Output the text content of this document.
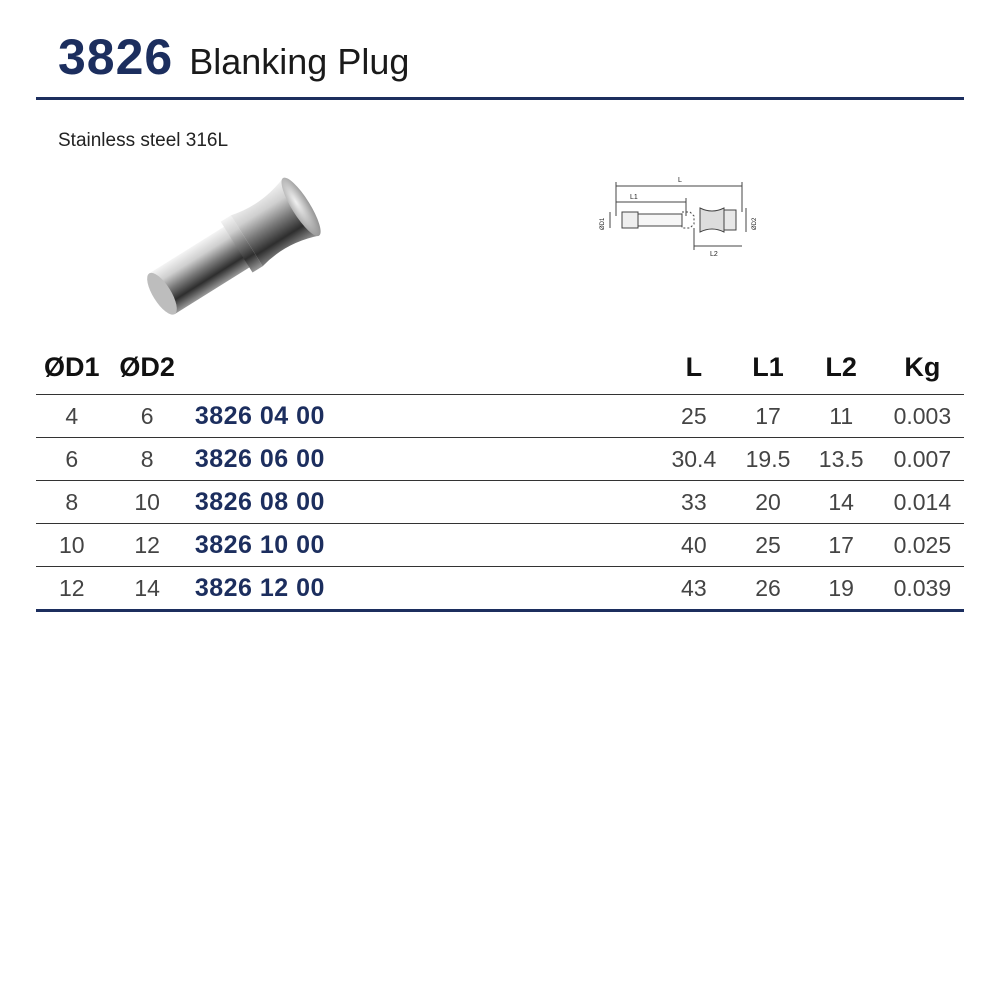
3826 Blanking Plug
Stainless steel 316L
L
L1
L2
ØD1	ØD2
ØD1	ØD2		L	L1	L2	Kg
4	6	3826 04 00	25	17	11	0.003
6	8	3826 06 00	30.4	19.5	13.5	0.007
8	10	3826 08 00	33	20	14	0.014
10	12	3826 10 00	40	25	17	0.025
12	14	3826 12 00	43	26	19	0.039
